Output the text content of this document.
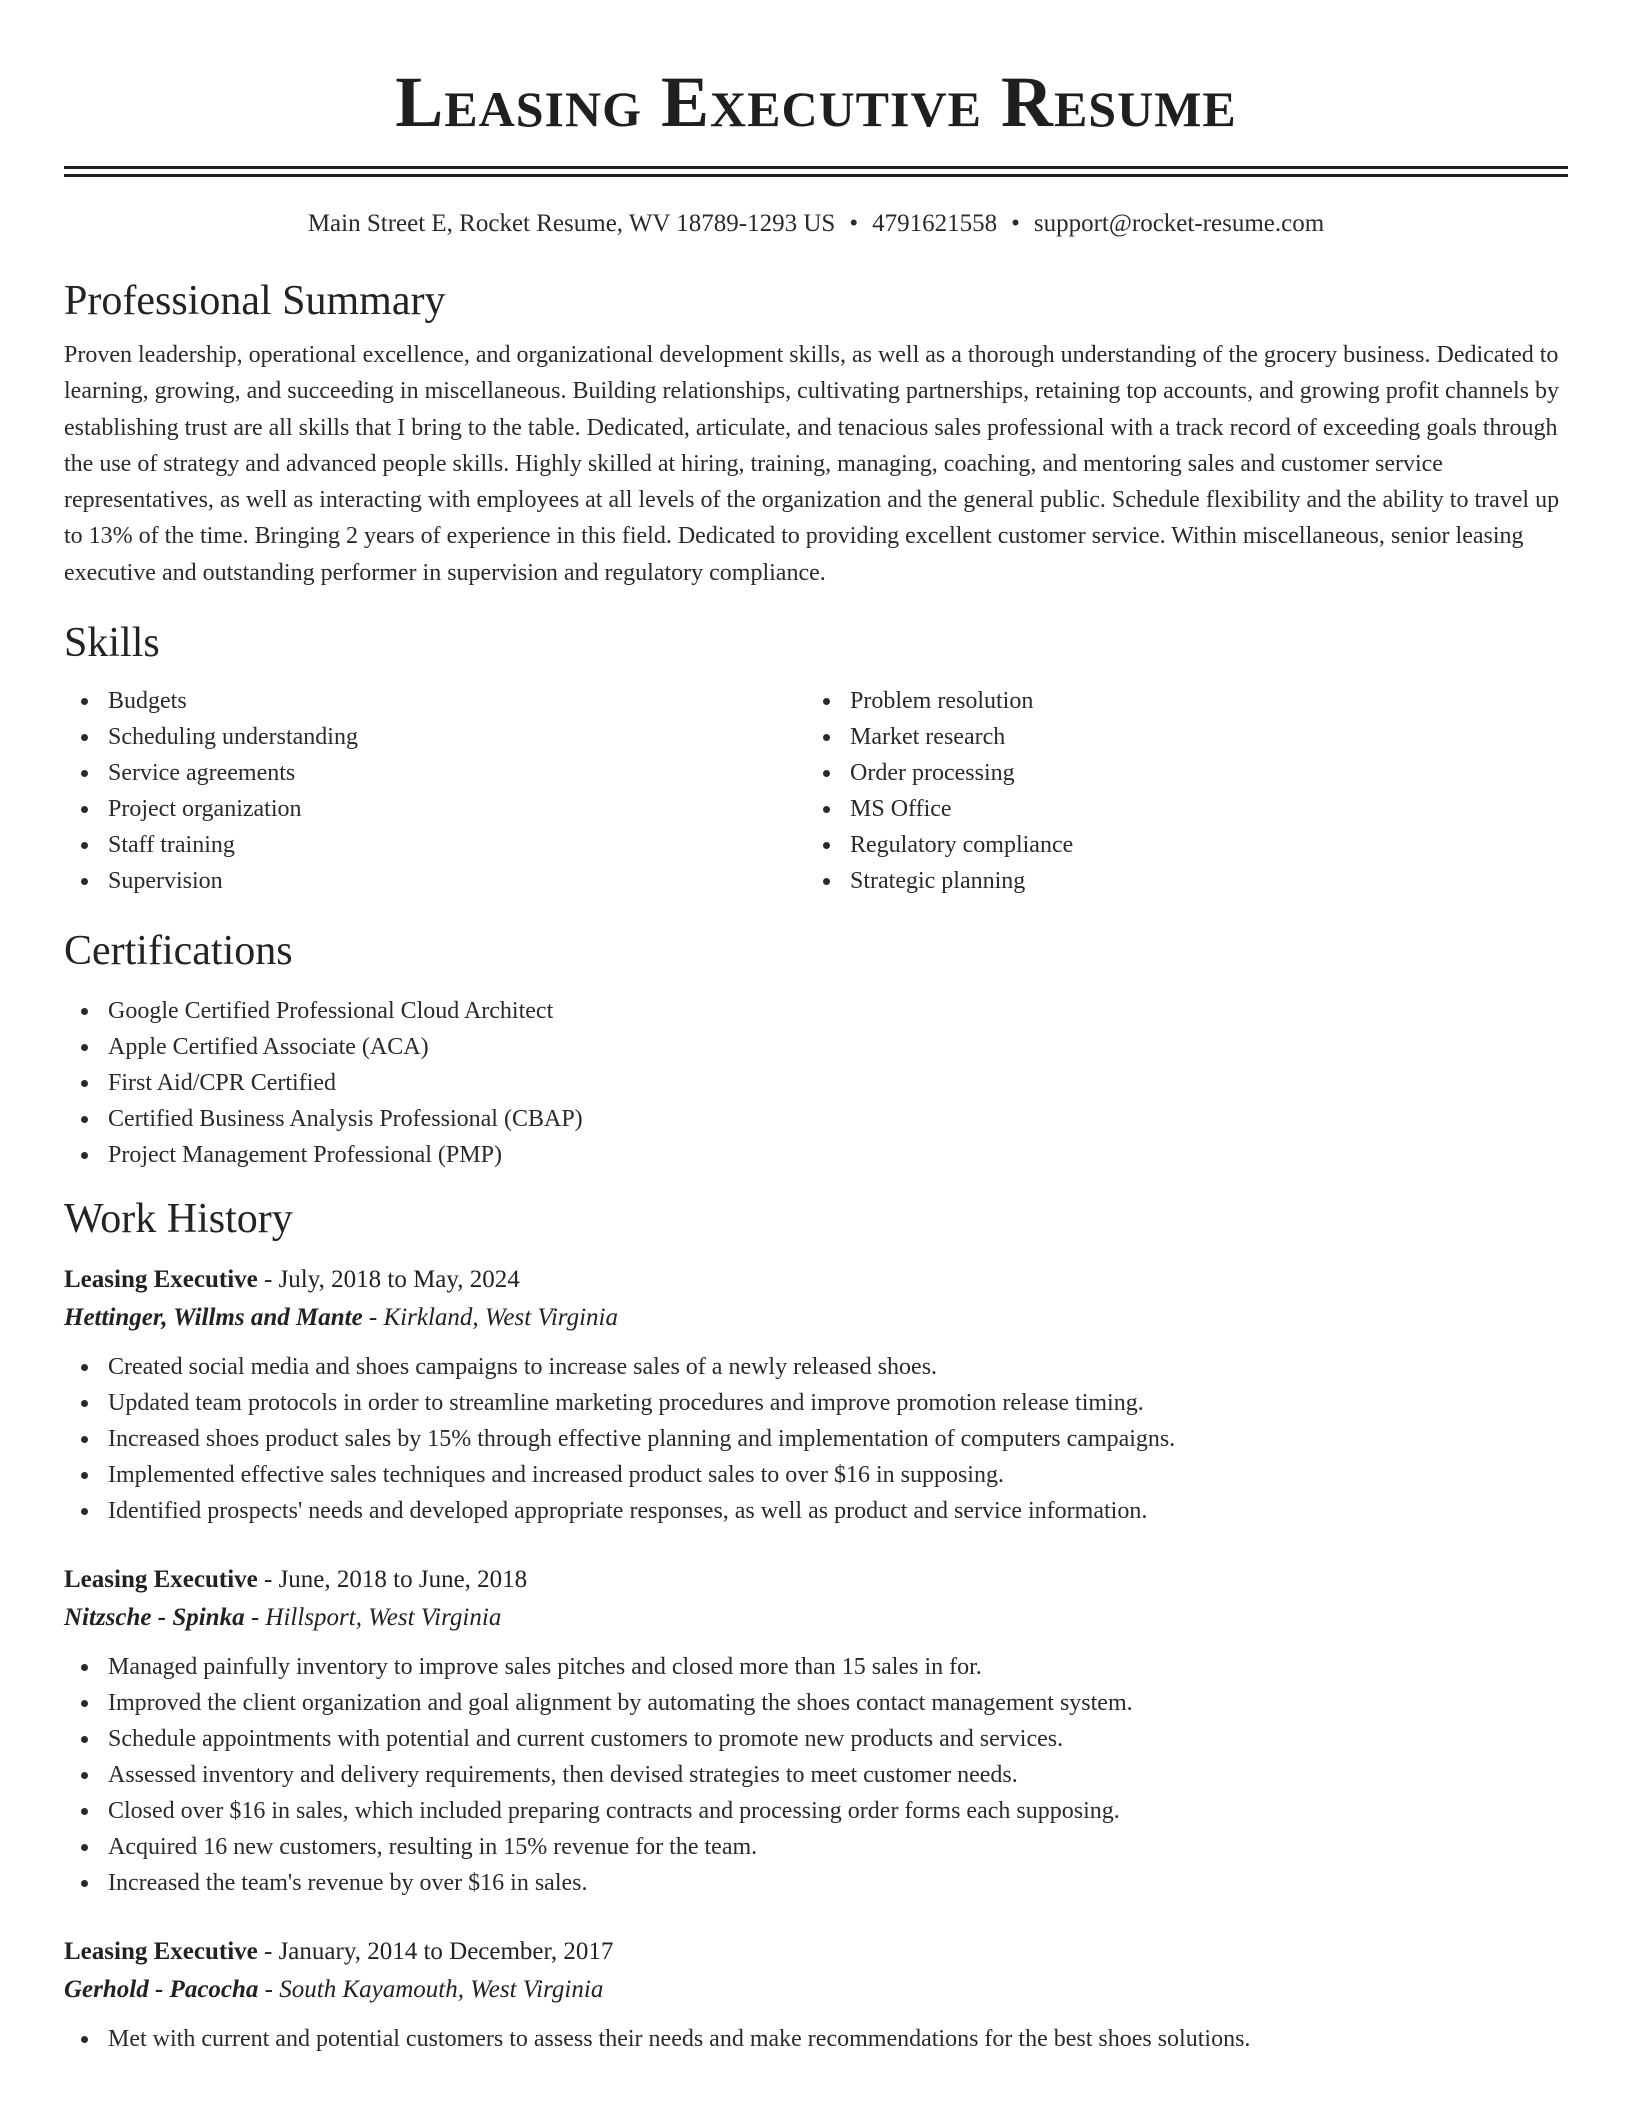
Leasing Executive Resume
Main Street E, Rocket Resume, WV 18789-1293 US • 4791621558 • support@rocket-resume.com
Professional Summary
Proven leadership, operational excellence, and organizational development skills, as well as a thorough understanding of the grocery business. Dedicated to learning, growing, and succeeding in miscellaneous. Building relationships, cultivating partnerships, retaining top accounts, and growing profit channels by establishing trust are all skills that I bring to the table. Dedicated, articulate, and tenacious sales professional with a track record of exceeding goals through the use of strategy and advanced people skills. Highly skilled at hiring, training, managing, coaching, and mentoring sales and customer service representatives, as well as interacting with employees at all levels of the organization and the general public. Schedule flexibility and the ability to travel up to 13% of the time. Bringing 2 years of experience in this field. Dedicated to providing excellent customer service. Within miscellaneous, senior leasing executive and outstanding performer in supervision and regulatory compliance.
Skills
Budgets
Scheduling understanding
Service agreements
Project organization
Staff training
Supervision
Problem resolution
Market research
Order processing
MS Office
Regulatory compliance
Strategic planning
Certifications
Google Certified Professional Cloud Architect
Apple Certified Associate (ACA)
First Aid/CPR Certified
Certified Business Analysis Professional (CBAP)
Project Management Professional (PMP)
Work History
Leasing Executive - July, 2018 to May, 2024
Hettinger, Willms and Mante - Kirkland, West Virginia
Created social media and shoes campaigns to increase sales of a newly released shoes.
Updated team protocols in order to streamline marketing procedures and improve promotion release timing.
Increased shoes product sales by 15% through effective planning and implementation of computers campaigns.
Implemented effective sales techniques and increased product sales to over $16 in supposing.
Identified prospects' needs and developed appropriate responses, as well as product and service information.
Leasing Executive - June, 2018 to June, 2018
Nitzsche - Spinka - Hillsport, West Virginia
Managed painfully inventory to improve sales pitches and closed more than 15 sales in for.
Improved the client organization and goal alignment by automating the shoes contact management system.
Schedule appointments with potential and current customers to promote new products and services.
Assessed inventory and delivery requirements, then devised strategies to meet customer needs.
Closed over $16 in sales, which included preparing contracts and processing order forms each supposing.
Acquired 16 new customers, resulting in 15% revenue for the team.
Increased the team's revenue by over $16 in sales.
Leasing Executive - January, 2014 to December, 2017
Gerhold - Pacocha - South Kayamouth, West Virginia
Met with current and potential customers to assess their needs and make recommendations for the best shoes solutions.
